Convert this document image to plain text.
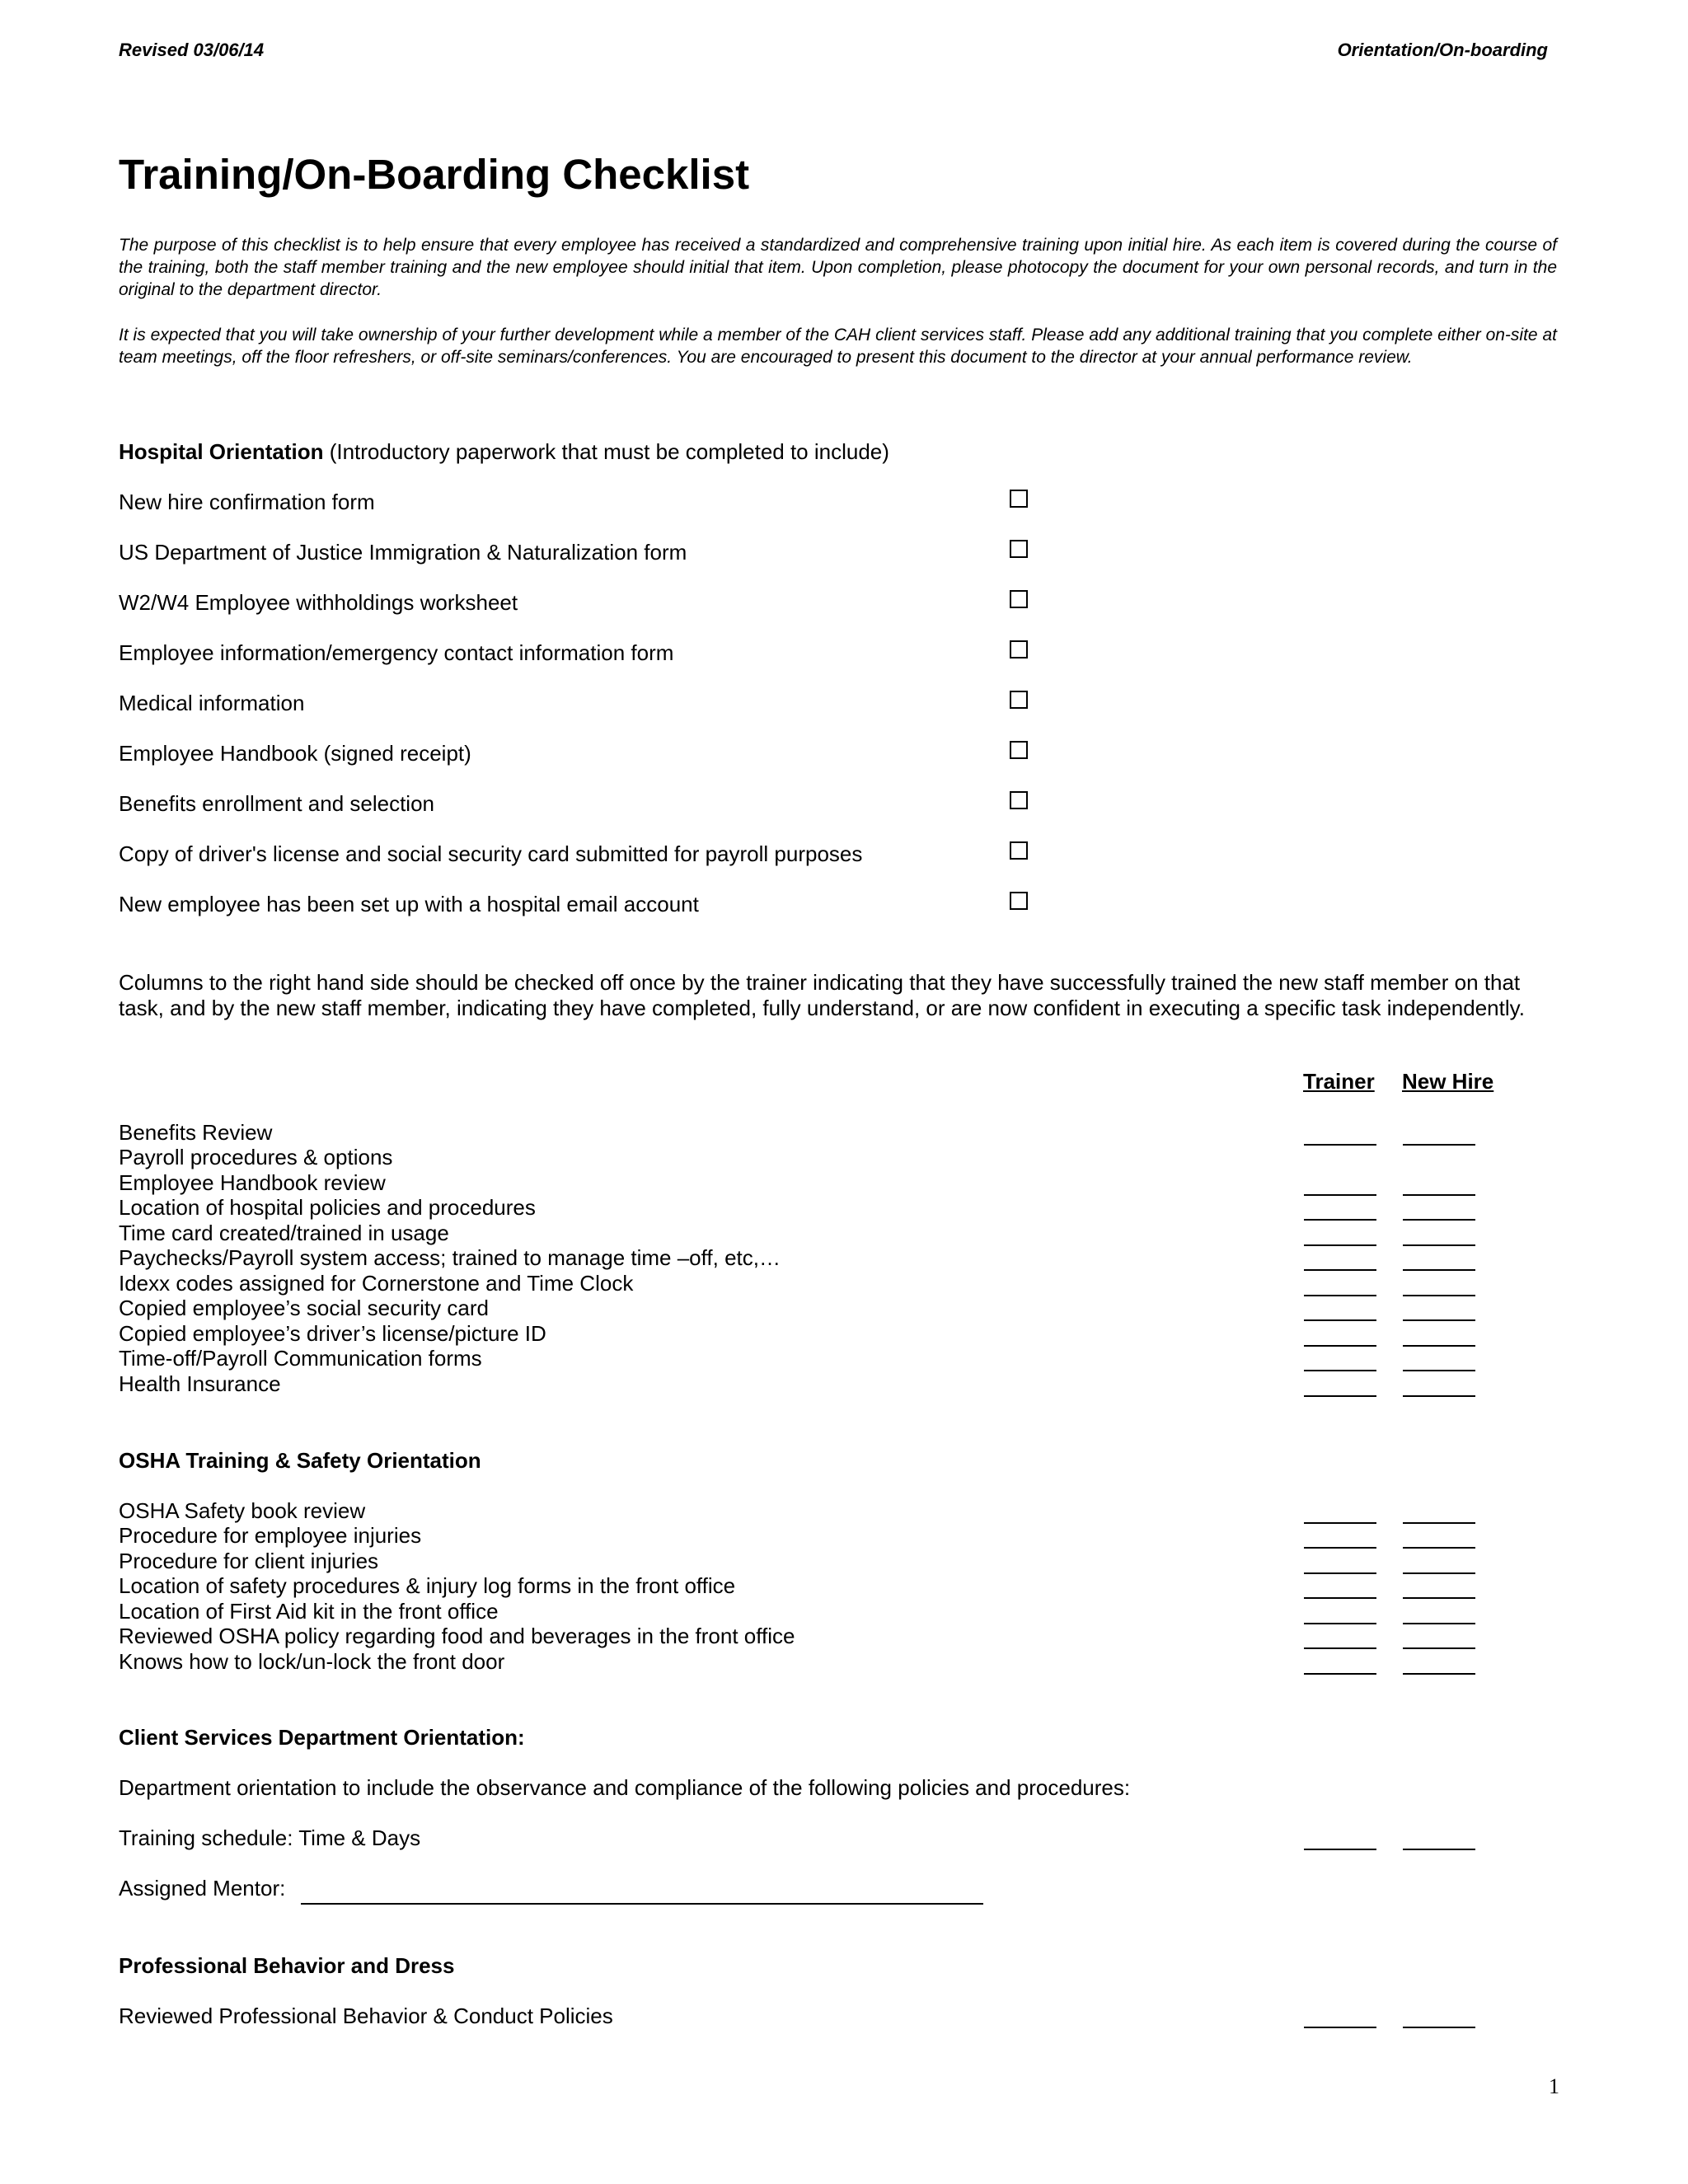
Revised 03/06/14	Orientation/On-boarding
Training/On-Boarding Checklist
The purpose of this checklist is to help ensure that every employee has received a standardized and comprehensive training upon initial hire. As each item is covered during the course of the training, both the staff member training and the new employee should initial that item. Upon completion, please photocopy the document for your own personal records, and turn in the original to the department director.
It is expected that you will take ownership of your further development while a member of the CAH client services staff. Please add any additional training that you complete either on-site at team meetings, off the floor refreshers, or off-site seminars/conferences. You are encouraged to present this document to the director at your annual performance review.
Hospital Orientation (Introductory paperwork that must be completed to include)
New hire confirmation form
US Department of Justice Immigration & Naturalization form
W2/W4 Employee withholdings worksheet
Employee information/emergency contact information form
Medical information
Employee Handbook (signed receipt)
Benefits enrollment and selection
Copy of driver's license and social security card submitted for payroll purposes
New employee has been set up with a hospital email account
Columns to the right hand side should be checked off once by the trainer indicating that they have successfully trained the new staff member on that task, and by the new staff member, indicating they have completed, fully understand, or are now confident in executing a specific task independently.
Trainer New Hire
Benefits Review
Payroll procedures & options
Employee Handbook review
Location of hospital policies and procedures
Time card created/trained in usage
Paychecks/Payroll system access; trained to manage time –off, etc,…
Idexx codes assigned for Cornerstone and Time Clock
Copied employee’s social security card
Copied employee’s driver’s license/picture ID
Time-off/Payroll Communication forms
Health Insurance
OSHA Training & Safety Orientation
OSHA Safety book review
Procedure for employee injuries
Procedure for client injuries
Location of safety procedures & injury log forms in the front office
Location of First Aid kit in the front office
Reviewed OSHA policy regarding food and beverages in the front office
Knows how to lock/un-lock the front door
Client Services Department Orientation:
Department orientation to include the observance and compliance of the following policies and procedures:
Training schedule: Time & Days
Assigned Mentor:
Professional Behavior and Dress
Reviewed Professional Behavior & Conduct Policies
1
